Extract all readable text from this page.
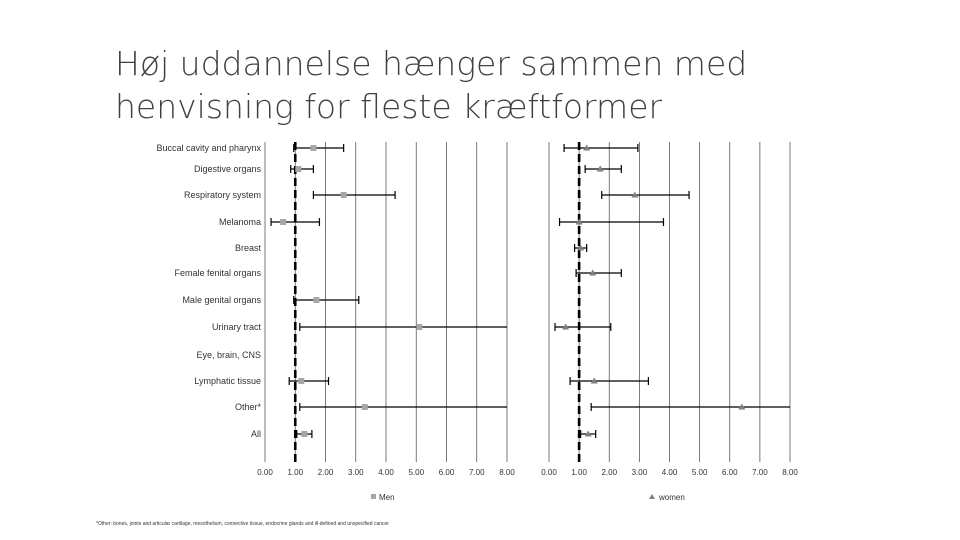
Høj uddannelse hænger sammen med
henvisning for fleste kræftformer
Buccal cavity and pharynx
Digestive organs
Respiratory system
Melanoma
Breast
Female fenital organs
Male genital organs
Urinary tract
Eye, brain, CNS
Lymphatic tissue
Other*
All
0.00 1.00 2.00 3.00 4.00 5.00 6.00 7.00 8.00	0.00 1.00 2.00 3.00 4.00 5.00 6.00 7.00 8.00
Men	women
*Other: bones, joints and articular cartilage, mesothelium, connective tissue, endocrine glands and ill-defined and unspecified cancer
